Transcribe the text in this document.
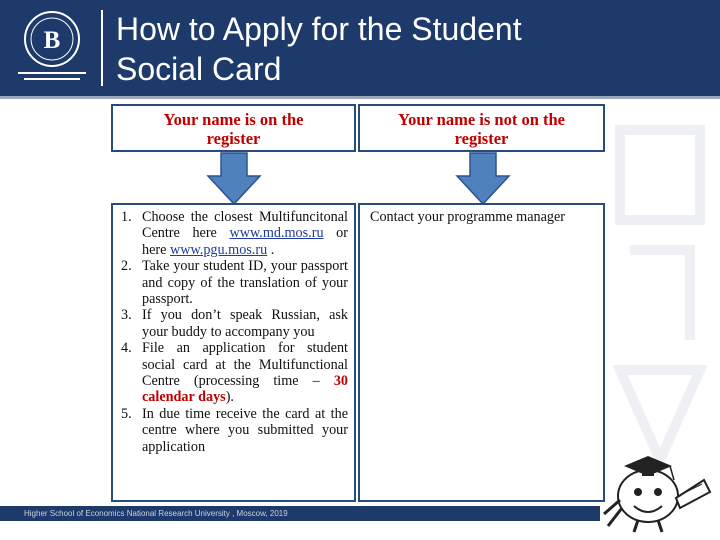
В How to Apply for the Student
Social Card
Your name is on the
register
Your name is not on the
register
1. Choose the closest Multifuncitonal Centre here www.md.mos.ru or here www.pgu.mos.ru .
2. Take your student ID, your passport and copy of the translation of your passport.
3. If you don’t speak Russian, ask your buddy to accompany you
4. File an application for student social card at the Multifunctional Centre (processing time – 30 calendar days).
5. In due time receive the card at the centre where you submitted your application

Contact your programme manager

Higher School of Economics National Research University , Moscow, 2019
